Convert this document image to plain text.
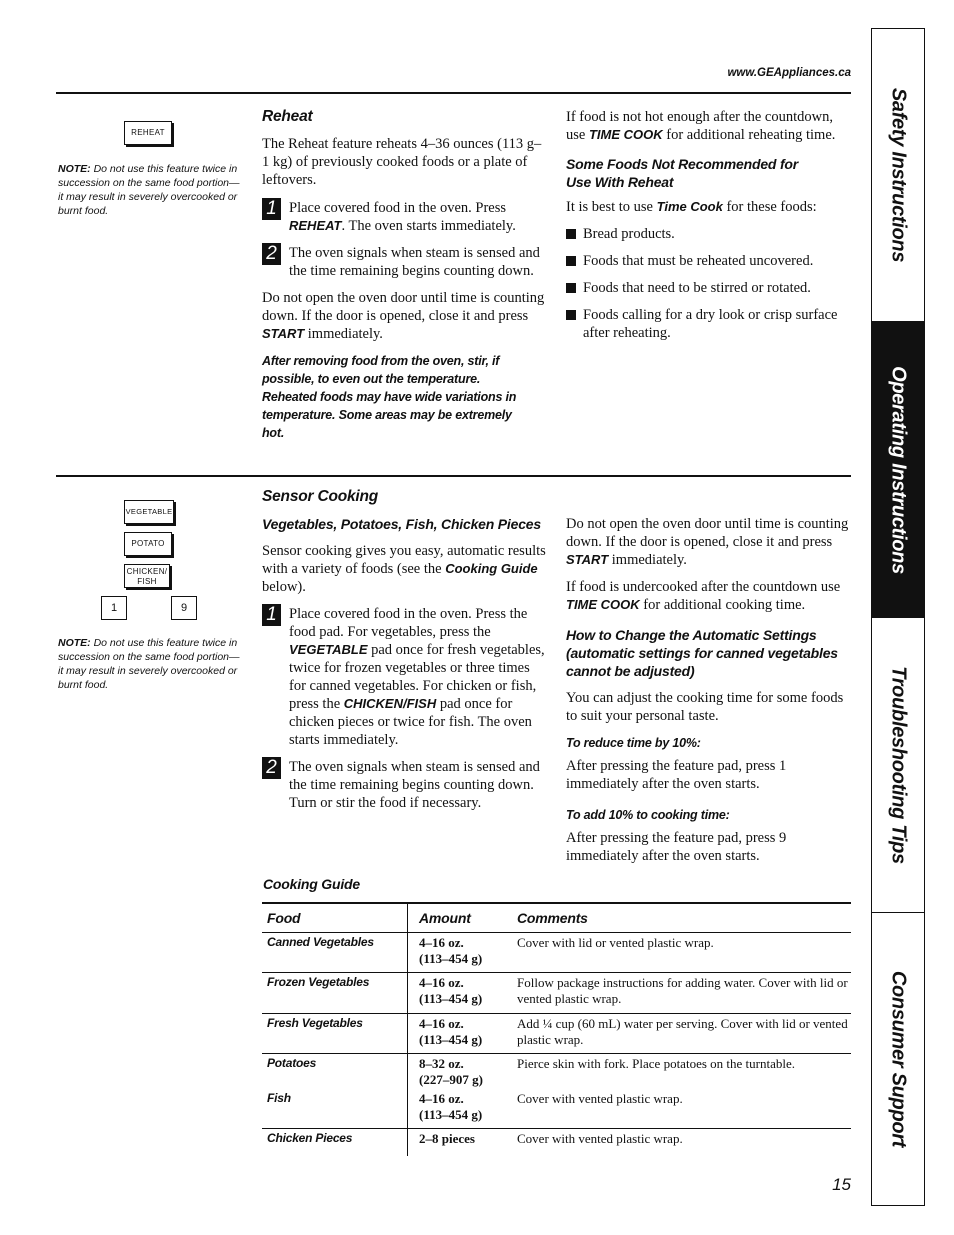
www.GEAppliances.ca
REHEAT
NOTE: Do not use this feature twice in succession on the same food portion—it may result in severely overcooked or burnt food.
Reheat
The Reheat feature reheats 4–36 ounces (113 g–1 kg) of previously cooked foods or a plate of leftovers.
1 Place covered food in the oven. Press REHEAT. The oven starts immediately.
2 The oven signals when steam is sensed and the time remaining begins counting down.
Do not open the oven door until time is counting down. If the door is opened, close it and press START immediately.
After removing food from the oven, stir, if possible, to even out the temperature. Reheated foods may have wide variations in temperature. Some areas may be extremely hot.
If food is not hot enough after the countdown, use TIME COOK for additional reheating time.
Some Foods Not Recommended for Use With Reheat
It is best to use Time Cook for these foods:
Bread products.
Foods that must be reheated uncovered.
Foods that need to be stirred or rotated.
Foods calling for a dry look or crisp surface after reheating.
VEGETABLE
POTATO
CHICKEN/
FISH
1	9
NOTE: Do not use this feature twice in succession on the same food portion—it may result in severely overcooked or burnt food.
Sensor Cooking
Vegetables, Potatoes, Fish, Chicken Pieces
Sensor cooking gives you easy, automatic results with a variety of foods (see the Cooking Guide below).
1 Place covered food in the oven. Press the food pad. For vegetables, press the VEGETABLE pad once for fresh vegetables, twice for frozen vegetables or three times for canned vegetables. For chicken or fish, press the CHICKEN/FISH pad once for chicken pieces or twice for fish. The oven starts immediately.
2 The oven signals when steam is sensed and the time remaining begins counting down. Turn or stir the food if necessary.
Do not open the oven door until time is counting down. If the door is opened, close it and press START immediately.
If food is undercooked after the countdown use TIME COOK for additional cooking time.
How to Change the Automatic Settings (automatic settings for canned vegetables cannot be adjusted)
You can adjust the cooking time for some foods to suit your personal taste.
To reduce time by 10%:
After pressing the feature pad, press 1 immediately after the oven starts.
To add 10% to cooking time:
After pressing the feature pad, press 9 immediately after the oven starts.
Cooking Guide
Food	Amount	Comments
Canned Vegetables	4–16 oz.
(113–454 g)	Cover with lid or vented plastic wrap.
Frozen Vegetables	4–16 oz.
(113–454 g)	Follow package instructions for adding water. Cover with lid or vented plastic wrap.
Fresh Vegetables	4–16 oz.
(113–454 g)	Add ¼ cup (60 mL) water per serving. Cover with lid or vented plastic wrap.
Potatoes	8–32 oz.
(227–907 g)	Pierce skin with fork. Place potatoes on the turntable.
Fish	4–16 oz.
(113–454 g)	Cover with vented plastic wrap.
Chicken Pieces	2–8 pieces	Cover with vented plastic wrap.
15
Safety Instructions
Operating Instructions
Troubleshooting Tips
Consumer Support
